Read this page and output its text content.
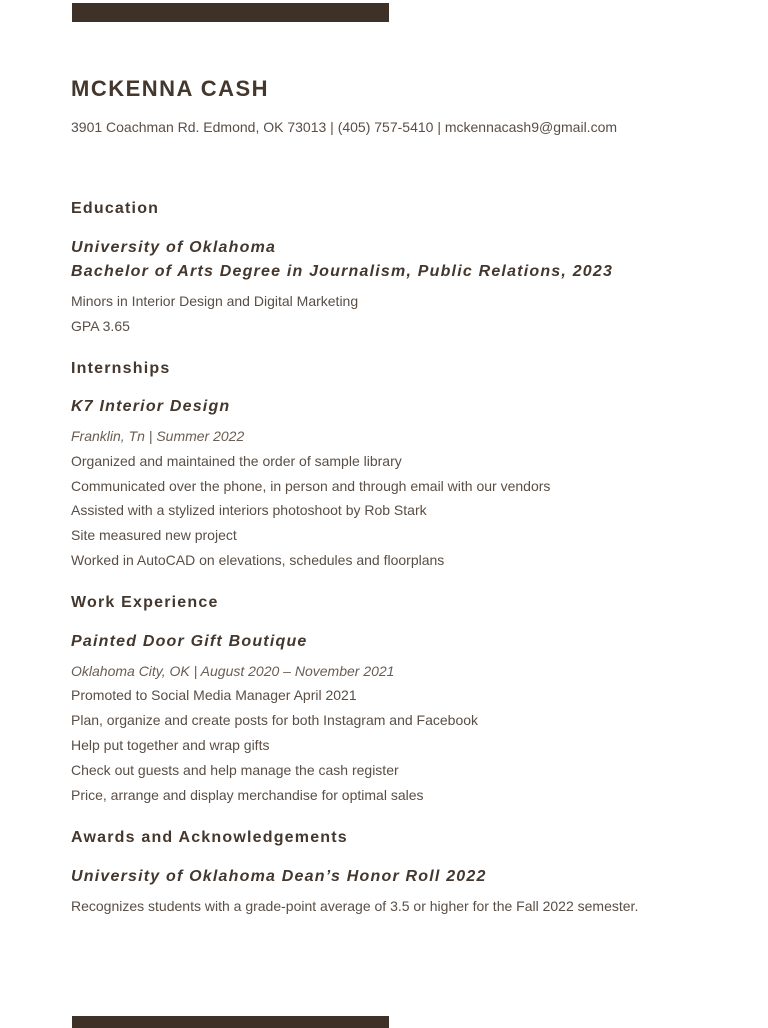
MCKENNA CASH
3901 Coachman Rd. Edmond, OK 73013 | (405) 757-5410 | mckennacash9@gmail.com
Education
University of Oklahoma
Bachelor of Arts Degree in Journalism, Public Relations, 2023
Minors in Interior Design and Digital Marketing
GPA 3.65
Internships
K7 Interior Design
Franklin, Tn | Summer 2022
Organized and maintained the order of sample library
Communicated over the phone, in person and through email with our vendors
Assisted with a stylized interiors photoshoot by Rob Stark
Site measured new project
Worked in AutoCAD on elevations, schedules and floorplans
Work Experience
Painted Door Gift Boutique
Oklahoma City, OK | August 2020 – November 2021
Promoted to Social Media Manager April 2021
Plan, organize and create posts for both Instagram and Facebook
Help put together and wrap gifts
Check out guests and help manage the cash register
Price, arrange and display merchandise for optimal sales
Awards and Acknowledgements
University of Oklahoma Dean’s Honor Roll 2022
Recognizes students with a grade-point average of 3.5 or higher for the Fall 2022 semester.
